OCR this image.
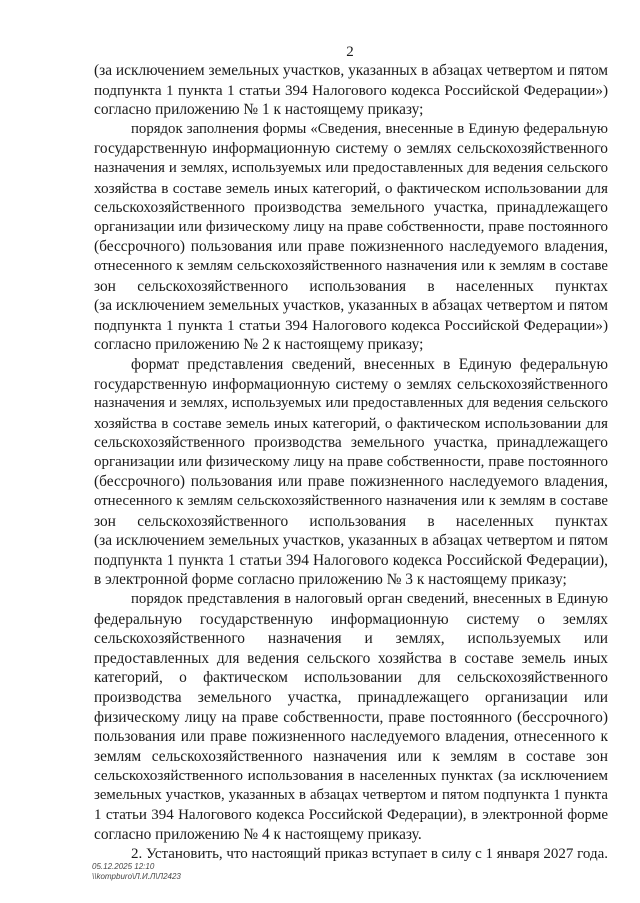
2
(за исключением земельных участков, указанных в абзацах четвертом и пятом
подпункта 1 пункта 1 статьи 394 Налогового кодекса Российской Федерации»)
согласно приложению № 1 к настоящему приказу;
порядок заполнения формы «Сведения, внесенные в Единую федеральную
государственную информационную систему о землях сельскохозяйственного
назначения и землях, используемых или предоставленных для ведения сельского
хозяйства в составе земель иных категорий, о фактическом использовании для
сельскохозяйственного производства земельного участка, принадлежащего
организации или физическому лицу на праве собственности, праве постоянного
(бессрочного) пользования или праве пожизненного наследуемого владения,
отнесенного к землям сельскохозяйственного назначения или к землям в составе
зон сельскохозяйственного использования в населенных пунктах
(за исключением земельных участков, указанных в абзацах четвертом и пятом
подпункта 1 пункта 1 статьи 394 Налогового кодекса Российской Федерации»)
согласно приложению № 2 к настоящему приказу;
формат представления сведений, внесенных в Единую федеральную
государственную информационную систему о землях сельскохозяйственного
назначения и землях, используемых или предоставленных для ведения сельского
хозяйства в составе земель иных категорий, о фактическом использовании для
сельскохозяйственного производства земельного участка, принадлежащего
организации или физическому лицу на праве собственности, праве постоянного
(бессрочного) пользования или праве пожизненного наследуемого владения,
отнесенного к землям сельскохозяйственного назначения или к землям в составе
зон сельскохозяйственного использования в населенных пунктах
(за исключением земельных участков, указанных в абзацах четвертом и пятом
подпункта 1 пункта 1 статьи 394 Налогового кодекса Российской Федерации),
в электронной форме согласно приложению № 3 к настоящему приказу;
порядок представления в налоговый орган сведений, внесенных в Единую
федеральную государственную информационную систему о землях
сельскохозяйственного назначения и землях, используемых или
предоставленных для ведения сельского хозяйства в составе земель иных
категорий, о фактическом использовании для сельскохозяйственного
производства земельного участка, принадлежащего организации или
физическому лицу на праве собственности, праве постоянного (бессрочного)
пользования или праве пожизненного наследуемого владения, отнесенного к
землям сельскохозяйственного назначения или к землям в составе зон
сельскохозяйственного использования в населенных пунктах (за исключением
земельных участков, указанных в абзацах четвертом и пятом подпункта 1 пункта
1 статьи 394 Налогового кодекса Российской Федерации), в электронной форме
согласно приложению № 4 к настоящему приказу.
2. Установить, что настоящий приказ вступает в силу с 1 января 2027 года.
05.12.2025 12:10
\\kompburo\Л.И.Л\Л2423
